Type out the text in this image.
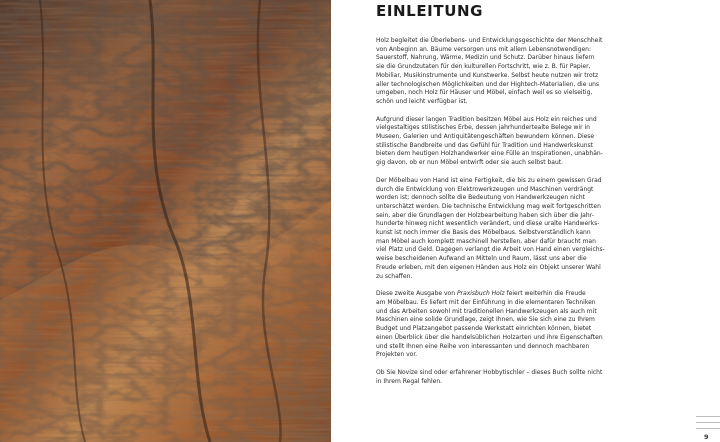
EINLEITUNG

Holz begleitet die Überlebens- und Entwicklungsgeschichte der Menschheit
von Anbeginn an. Bäume versorgen uns mit allem Lebensnotwendigen:
Sauerstoff, Nahrung, Wärme, Medizin und Schutz. Darüber hinaus liefern
sie die Grundzutaten für den kulturellen Fortschritt, wie z. B. für Papier,
Mobiliar, Musikinstrumente und Kunstwerke. Selbst heute nutzen wir trotz
aller technologischen Möglichkeiten und der Hightech-Materialien, die uns
umgeben, noch Holz für Häuser und Möbel, einfach weil es so vielseitig,
schön und leicht verfügbar ist.

Aufgrund dieser langen Tradition besitzen Möbel aus Holz ein reiches und
vielgestaltiges stilistisches Erbe, dessen jahrhundertealte Belege wir in
Museen, Galerien und Antiquitätengeschäften bewundern können. Diese
stilistische Bandbreite und das Gefühl für Tradition und Handwerkskunst
bieten dem heutigen Holzhandwerker eine Fülle an Inspirationen, unabhän-
gig davon, ob er nun Möbel entwirft oder sie auch selbst baut.

Der Möbelbau von Hand ist eine Fertigkeit, die bis zu einem gewissen Grad
durch die Entwicklung von Elektrowerkzeugen und Maschinen verdrängt
worden ist; dennoch sollte die Bedeutung von Handwerkzeugen nicht
unterschätzt werden. Die technische Entwicklung mag weit fortgeschritten
sein, aber die Grundlagen der Holzbearbeitung haben sich über die Jahr-
hunderte hinweg nicht wesentlich verändert, und diese uralte Handwerks-
kunst ist noch immer die Basis des Möbelbaus. Selbstverständlich kann
man Möbel auch komplett maschinell herstellen, aber dafür braucht man
viel Platz und Geld. Dagegen verlangt die Arbeit von Hand einen vergleichs-
weise bescheidenen Aufwand an Mitteln und Raum, lässt uns aber die
Freude erleben, mit den eigenen Händen aus Holz ein Objekt unserer Wahl
zu schaffen.

Diese zweite Ausgabe von Praxisbuch Holz feiert weiterhin die Freude
am Möbelbau. Es liefert mit der Einführung in die elementaren Techniken
und das Arbeiten sowohl mit traditionellen Handwerkzeugen als auch mit
Maschinen eine solide Grundlage, zeigt Ihnen, wie Sie sich eine zu Ihrem
Budget und Platzangebot passende Werkstatt einrichten können, bietet
einen Überblick über die handelsüblichen Holzarten und ihre Eigenschaften
und stellt Ihnen eine Reihe von interessanten und dennoch machbaren
Projekten vor.

Ob Sie Novize sind oder erfahrener Hobbytischler – dieses Buch sollte nicht
in Ihrem Regal fehlen.

9
